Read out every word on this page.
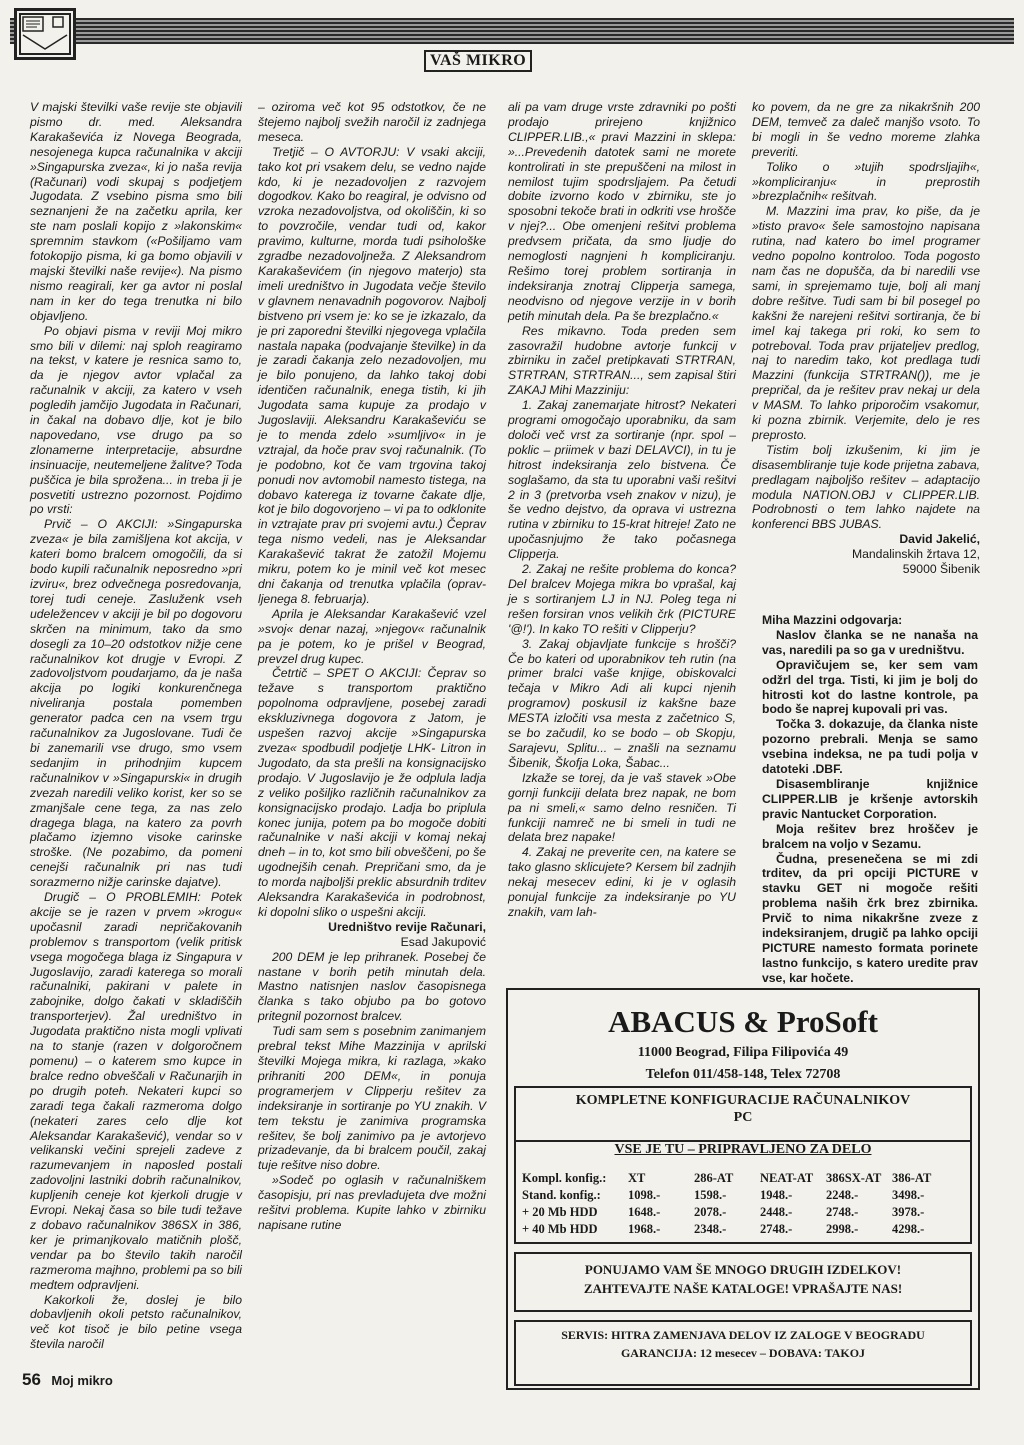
VAŠ MIKRO

V majski številki vaše revije ste objavili pismo dr. med. Aleksandra Karakaševića iz Novega Beograda, nesojenega kupca računalnika v akciji »Singapurska zveza«, ki jo naša revija (Računari) vodi skupaj s podjetjem Jugodata. Z vsebino pisma smo bili seznanjeni že na začetku aprila, ker ste nam poslali kopijo z »lakonskim« spremnim stavkom («Pošiljamo vam fotokopijo pisma, ki ga bomo objavili v majski številki naše revije«). Na pismo nismo reagirali, ker ga avtor ni poslal nam in ker do tega trenutka ni bilo objavljeno.

Po objavi pisma v reviji Moj mikro smo bili v dilemi: naj sploh reagiramo na tekst, v katere je resnica samo to, da je njegov avtor vplačal za računalnik v akciji, za katero v vseh pogledih jamčijo Jugodata in Računari, in čakal na dobavo dlje, kot je bilo napovedano, vse drugo pa so zlonamerne interpretacije, absurdne insinuacije, neutemeljene žalitve? Toda puščica je bila sprožena... in treba ji je posvetiti ustrezno pozornost. Pojdimo po vrsti:

Prvič – O AKCIJI: »Singapurska zveza« je bila zamišljena kot akcija, v kateri bomo bralcem omogočili, da si bodo kupili računalnik neposredno »pri izviru«, brez odvečnega posredovanja, torej tudi ceneje. Zasluženk vseh udeležencev v akciji je bil po dogovoru skrčen na minimum, tako da smo dosegli za 10–20 odstotkov nižje cene računalnikov kot drugje v Evropi. Z zadovoljstvom poudarjamo, da je naša akcija po logiki konkurenčnega niveliranja postala pomemben generator padca cen na vsem trgu računalnikov za Jugoslovane. Tudi če bi zanemarili vse drugo, smo vsem sedanjim in prihodnjim kupcem računalnikov v »Singapurski« in drugih zvezah naredili veliko korist, ker so se zmanjšale cene tega, za nas zelo dragega blaga, na katero za povrh plačamo izjemno visoke carinske stroške. (Ne pozabimo, da pomeni cenejši računalnik pri nas tudi sorazmerno nižje carinske dajatve).

Drugič – O PROBLEMIH: Potek akcije se je razen v prvem »krogu« upočasnil zaradi nepričakovanih problemov s transportom (velik pritisk vsega mogočega blaga iz Singapura v Jugoslavijo, zaradi katerega so morali računalniki, pakirani v palete in zabojnike, dolgo čakati v skladiščih transporterjev). Žal uredništvo in Jugodata praktično nista mogli vplivati na to stanje (razen v dolgoročnem pomenu) – o katerem smo kupce in bralce redno obveščali v Računarjih in po drugih poteh. Nekateri kupci so zaradi tega čakali razmeroma dolgo (nekateri zares celo dlje kot Aleksandar Karakašević), vendar so v velikanski večini sprejeli zadeve z razumevanjem in naposled postali zadovoljni lastniki dobrih računalnikov, kupljenih ceneje kot kjerkoli drugje v Evropi. Nekaj časa so bile tudi težave z dobavo računalnikov 386SX in 386, ker je primanjkovalo matičnih plošč, vendar pa bo število takih naročil razmeroma majhno, problemi pa so bili medtem odpravljeni.

Kakorkoli že, doslej je bilo dobavljenih okoli petsto računalnikov, več kot tisoč je bilo petine vsega števila naročil

– oziroma več kot 95 odstotkov, če ne štejemo najbolj svežih naročil iz zadnjega meseca.

Tretjič – O AVTORJU: V vsaki akciji, tako kot pri vsakem delu, se vedno najde kdo, ki je nezadovoljen z razvojem dogodkov. Kako bo reagiral, je odvisno od vzroka nezadovoljstva, od okoliščin, ki so to povzročile, vendar tudi od, kakor pravimo, kulturne, morda tudi psihološke zgradbe nezadovoljneža. Z Aleksandrom Karakaševićem (in njegovo materjo) sta imeli uredništvo in Jugodata večje število v glavnem nenavadnih pogovorov. Najbolj bistveno pri vsem je: ko se je izkazalo, da je pri zaporedni številki njegovega vplačila nastala napaka (podvajanje številke) in da je zaradi čakanja zelo nezadovoljen, mu je bilo ponujeno, da lahko takoj dobi identičen računalnik, enega tistih, ki jih Jugodata sama kupuje za prodajo v Jugoslaviji. Aleksandru Karakaševiću se je to menda zdelo »sumljivo« in je vztrajal, da hoče prav svoj računalnik. (To je podobno, kot če vam trgovina takoj ponudi nov avtomobil namesto tistega, na dobavo katerega iz tovarne čakate dlje, kot je bilo dogovorjeno – vi pa to odklonite in vztrajate prav pri svojemi avtu.) Čeprav tega nismo vedeli, nas je Aleksandar Karakašević takrat že zatožil Mojemu mikru, potem ko je minil več kot mesec dni čakanja od trenutka vplačila (oprav-ljenega 8. februarja).

Aprila je Aleksandar Karakašević vzel »svoj« denar nazaj, »njegov« računalnik pa je potem, ko je prišel v Beograd, prevzel drug kupec.

Četrtič – SPET O AKCIJI: Čeprav so težave s transportom praktično popolnoma odpravljene, posebej zaradi ekskluzivnega dogovora z Jatom, je uspešen razvoj akcije »Singapurska zveza« spodbudil podjetje LHK- Litron in Jugodato, da sta prešli na konsignacijsko prodajo. V Jugoslavijo je že odplula ladja z veliko pošiljko različnih računalnikov za konsignacijsko prodajo. Ladja bo priplula konec junija, potem pa bo mogoče dobiti računalnike v naši akciji v komaj nekaj dneh – in to, kot smo bili obveščeni, po še ugodnejših cenah. Prepričani smo, da je to morda najboljši preklic absurdnih trditev Aleksandra Karakaševića in podrobnost, ki dopolni sliko o uspešni akciji.

Uredništvo revije Računari,
Esad Jakupović

200 DEM je lep prihranek. Posebej če nastane v borih petih minutah dela. Mastno natisnjen naslov časopisnega članka s tako objubo pa bo gotovo pritegnil pozornost bralcev.

Tudi sam sem s posebnim zanimanjem prebral tekst Mihe Mazzinija v aprilski številki Mojega mikra, ki razlaga, »kako prihraniti 200 DEM«, in ponuja programerjem v Clipperju rešitev za indeksiranje in sortiranje po YU znakih. V tem tekstu je zanimiva programska rešitev, še bolj zanimivo pa je avtorjevo prizadevanje, da bi bralcem poučil, zakaj tuje rešitve niso dobre.

»Sodeč po oglasih v računalniškem časopisju, pri nas prevladujeta dve možni rešitvi problema. Kupite lahko v zbirniku napisane rutine

ali pa vam druge vrste zdravniki po pošti prodajo prirejeno knjižnico CLIPPER.LIB.,« pravi Mazzini in sklepa: »...Prevedenih datotek sami ne morete kontrolirati in ste prepuščeni na milost in nemilost tujim spodrsljajem. Pa četudi dobite izvorno kodo v zbirniku, ste jo sposobni tekoče brati in odkriti vse hrošče v njej?... Obe omenjeni rešitvi problema predvsem pričata, da smo ljudje do nemoglosti nagnjeni h kompliciranju. Rešimo torej problem sortiranja in indeksiranja znotraj Clipperja samega, neodvisno od njegove verzije in v borih petih minutah dela. Pa še brezplačno.«

Res mikavno. Toda preden sem zasovražil hudobne avtorje funkcij v zbirniku in začel pretipkavati STRTRAN, STRTRAN, STRTRAN..., sem zapisal štiri ZAKAJ Mihi Mazziniju:

1. Zakaj zanemarjate hitrost? Nekateri programi omogočajo uporabniku, da sam določi več vrst za sortiranje (npr. spol – poklic – priimek v bazi DELAVCI), in tu je hitrost indeksiranja zelo bistvena. Če soglašamo, da sta tu uporabni vaši rešitvi 2 in 3 (pretvorba vseh znakov v nizu), je še vedno dejstvo, da oprava vi ustrezna rutina v zbirniku to 15-krat hitreje! Zato ne upočasnjujmo že tako počasnega Clipperja.

2. Zakaj ne rešite problema do konca? Del bralcev Mojega mikra bo vprašal, kaj je s sortiranjem LJ in NJ. Poleg tega ni rešen forsiran vnos velikih črk (PICTURE '@!'). In kako TO rešiti v Clipperju?

3. Zakaj objavljate funkcije s hrošči? Če bo kateri od uporabnikov teh rutin (na primer bralci vaše knjige, obiskovalci tečaja v Mikro Adi ali kupci njenih programov) poskusil iz kakšne baze MESTA izločiti vsa mesta z začetnico S, se bo začudil, ko se bodo – ob Skopju, Sarajevu, Splitu... – znašli na seznamu Šibenik, Škofja Loka, Šabac...

Izkaže se torej, da je vaš stavek »Obe gornji funkciji delata brez napak, ne bom pa ni smeli,« samo delno resničen. Ti funkciji namreč ne bi smeli in tudi ne delata brez napake!

4. Zakaj ne preverite cen, na katere se tako glasno sklicujete? Kersem bil zadnjih nekaj mesecev edini, ki je v oglasih ponujal funkcije za indeksiranje po YU znakih, vam lah-

ko povem, da ne gre za nikakršnih 200 DEM, temveč za daleč manjšo vsoto. To bi mogli in še vedno moreте zlahka preveriti.

Toliko o »tujih spodrsljajih«, »kompliciranju« in preprostih »brezplačnih« rešitvah.

M. Mazzini ima prav, ko piše, da je »tisto pravo« šele samostojno napisana rutina, nad katero bo imel programer vedno popolno kontroloo. Toda pogosto nam čas ne dopušča, da bi naredili vse sami, in sprejemamo tuje, bolj ali manj dobre rešitve. Tudi sam bi bil posegel po kakšni že narejeni rešitvi sortiranja, če bi imel kaj takega pri roki, ko sem to potreboval. Toda prav prijateljev predlog, naj to naredim tako, kot predlaga tudi Mazzini (funkcija STRTRAN()), me je prepričal, da je rešitev prav nekaj ur dela v MASM. To lahko priporočim vsakomur, ki pozna zbirnik. Verjemite, delo je res preprosto.

Tistim bolj izkušenim, ki jim je disasembliranje tuje kode prijetna zabava, predlagam najboljšo rešitev – adaptacijo modula NATION.OBJ v CLIPPER.LIB. Podrobnosti o tem lahko najdete na konferenci BBS JUBAS.

David Jakelić,
Mandalinskih žrtava 12,
59000 Šibenik

Miha Mazzini odgovarja:

Naslov članka se ne nanaša na vas, naredili pa so ga v uredništvu.

Opravičujem se, ker sem vam odžrl del trga. Tisti, ki jim je bolj do hitrosti kot do lastne kontrole, pa bodo še naprej kupovali pri vas.

Točka 3. dokazuje, da članka niste pozorno prebrali. Menja se samo vsebina indeksa, ne pa tudi polja v datoteki .DBF.

Disasembliranje knjižnice CLIPPER.LIB je kršenje avtorskih pravic Nantucket Corporation.

Moja rešitev brez hroščev je bralcem na voljo v Sezamu.

Čudna, presenečena se mi zdi trditev, da pri opciji PICTURE v stavku GET ni mogoče rešiti problema naših črk brez zbirnika. Prvič to nima nikakršne zveze z indeksiranjem, drugič pa lahko opciji PICTURE namesto formata porinete lastno funkcijo, s katero uredite prav vse, kar hočete.

ABACUS & ProSoft
11000 Beograd, Filipa Filipovića 49
Telefon 011/458-148, Telex 72708
KOMPLETNE KONFIGURACIJE RAČUNALNIKOV
PC
VSE JE TU – PRIPRAVLJENO ZA DELO
Kompl. konfig.:	XT	286-AT	NEAT-AT	386SX-AT	386-AT
Stand. konfig.:	1098.-	1598.-	1948.-	2248.-	3498.-
+ 20 Mb HDD	1648.-	2078.-	2448.-	2748.-	3978.-
+ 40 Mb HDD	1968.-	2348.-	2748.-	2998.-	4298.-
PONUJAMO VAM ŠE MNOGO DRUGIH IZDELKOV!
ZAHTEVAJTE NAŠE KATALOGE! VPRAŠAJTE NAS!
SERVIS: HITRA ZAMENJAVA DELOV IZ ZALOGE V BEOGRADU
GARANCIJA: 12 mesecev – DOBAVA: TAKOJ
56 Moj mikro
